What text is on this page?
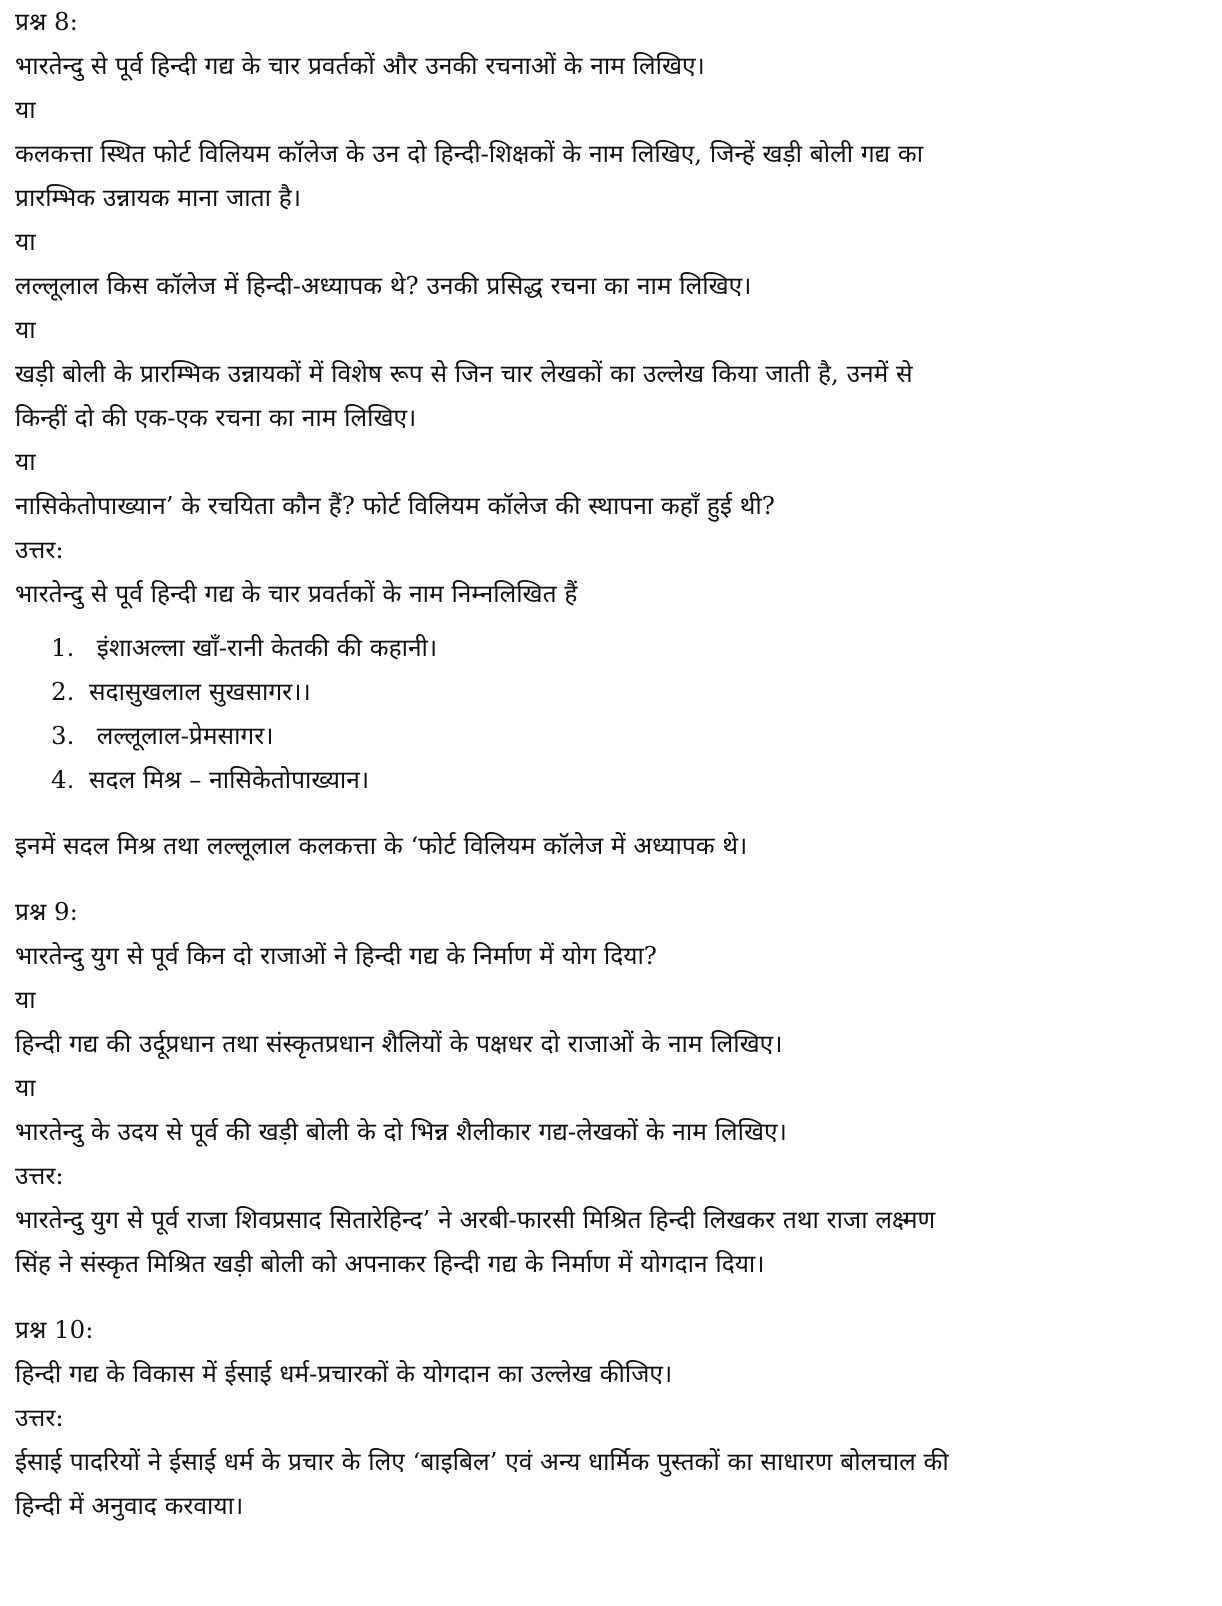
प्रश्न 8:

भारतेन्दु से पूर्व हिन्दी गद्य के चार प्रवर्तकों और उनकी रचनाओं के नाम लिखिए।

या

कलकत्ता स्थित फोर्ट विलियम कॉलेज के उन दो हिन्दी-शिक्षकों के नाम लिखिए, जिन्हें खड़ी बोली गद्य का

प्रारम्भिक उन्नायक माना जाता है।

या

लल्लूलाल किस कॉलेज में हिन्दी-अध्यापक थे? उनकी प्रसिद्ध रचना का नाम लिखिए।

या

खड़ी बोली के प्रारम्भिक उन्नायकों में विशेष रूप से जिन चार लेखकों का उल्लेख किया जाती है, उनमें से

किन्हीं दो की एक-एक रचना का नाम लिखिए।

या

नासिकेतोपाख्यान’ के रचयिता कौन हैं? फोर्ट विलियम कॉलेज की स्थापना कहाँ हुई थी?

उत्तर:

भारतेन्दु से पूर्व हिन्दी गद्य के चार प्रवर्तकों के नाम निम्नलिखित हैं

1. इंशाअल्ला खाँ-रानी केतकी की कहानी।
2. सदासुखलाल सुखसागर।।
3. लल्लूलाल-प्रेमसागर।
4. सदल मिश्र – नासिकेतोपाख्यान।

इनमें सदल मिश्र तथा लल्लूलाल कलकत्ता के ‘फोर्ट विलियम कॉलेज में अध्यापक थे।

प्रश्न 9:

भारतेन्दु युग से पूर्व किन दो राजाओं ने हिन्दी गद्य के निर्माण में योग दिया?

या

हिन्दी गद्य की उर्दूप्रधान तथा संस्कृतप्रधान शैलियों के पक्षधर दो राजाओं के नाम लिखिए।

या

भारतेन्दु के उदय से पूर्व की खड़ी बोली के दो भिन्न शैलीकार गद्य-लेखकों के नाम लिखिए।

उत्तर:

भारतेन्दु युग से पूर्व राजा शिवप्रसाद सितारेहिन्द’ ने अरबी-फारसी मिश्रित हिन्दी लिखकर तथा राजा लक्ष्मण

सिंह ने संस्कृत मिश्रित खड़ी बोली को अपनाकर हिन्दी गद्य के निर्माण में योगदान दिया।

प्रश्न 10:

हिन्दी गद्य के विकास में ईसाई धर्म-प्रचारकों के योगदान का उल्लेख कीजिए।

उत्तर:

ईसाई पादरियों ने ईसाई धर्म के प्रचार के लिए ‘बाइबिल’ एवं अन्य धार्मिक पुस्तकों का साधारण बोलचाल की

हिन्दी में अनुवाद करवाया।
